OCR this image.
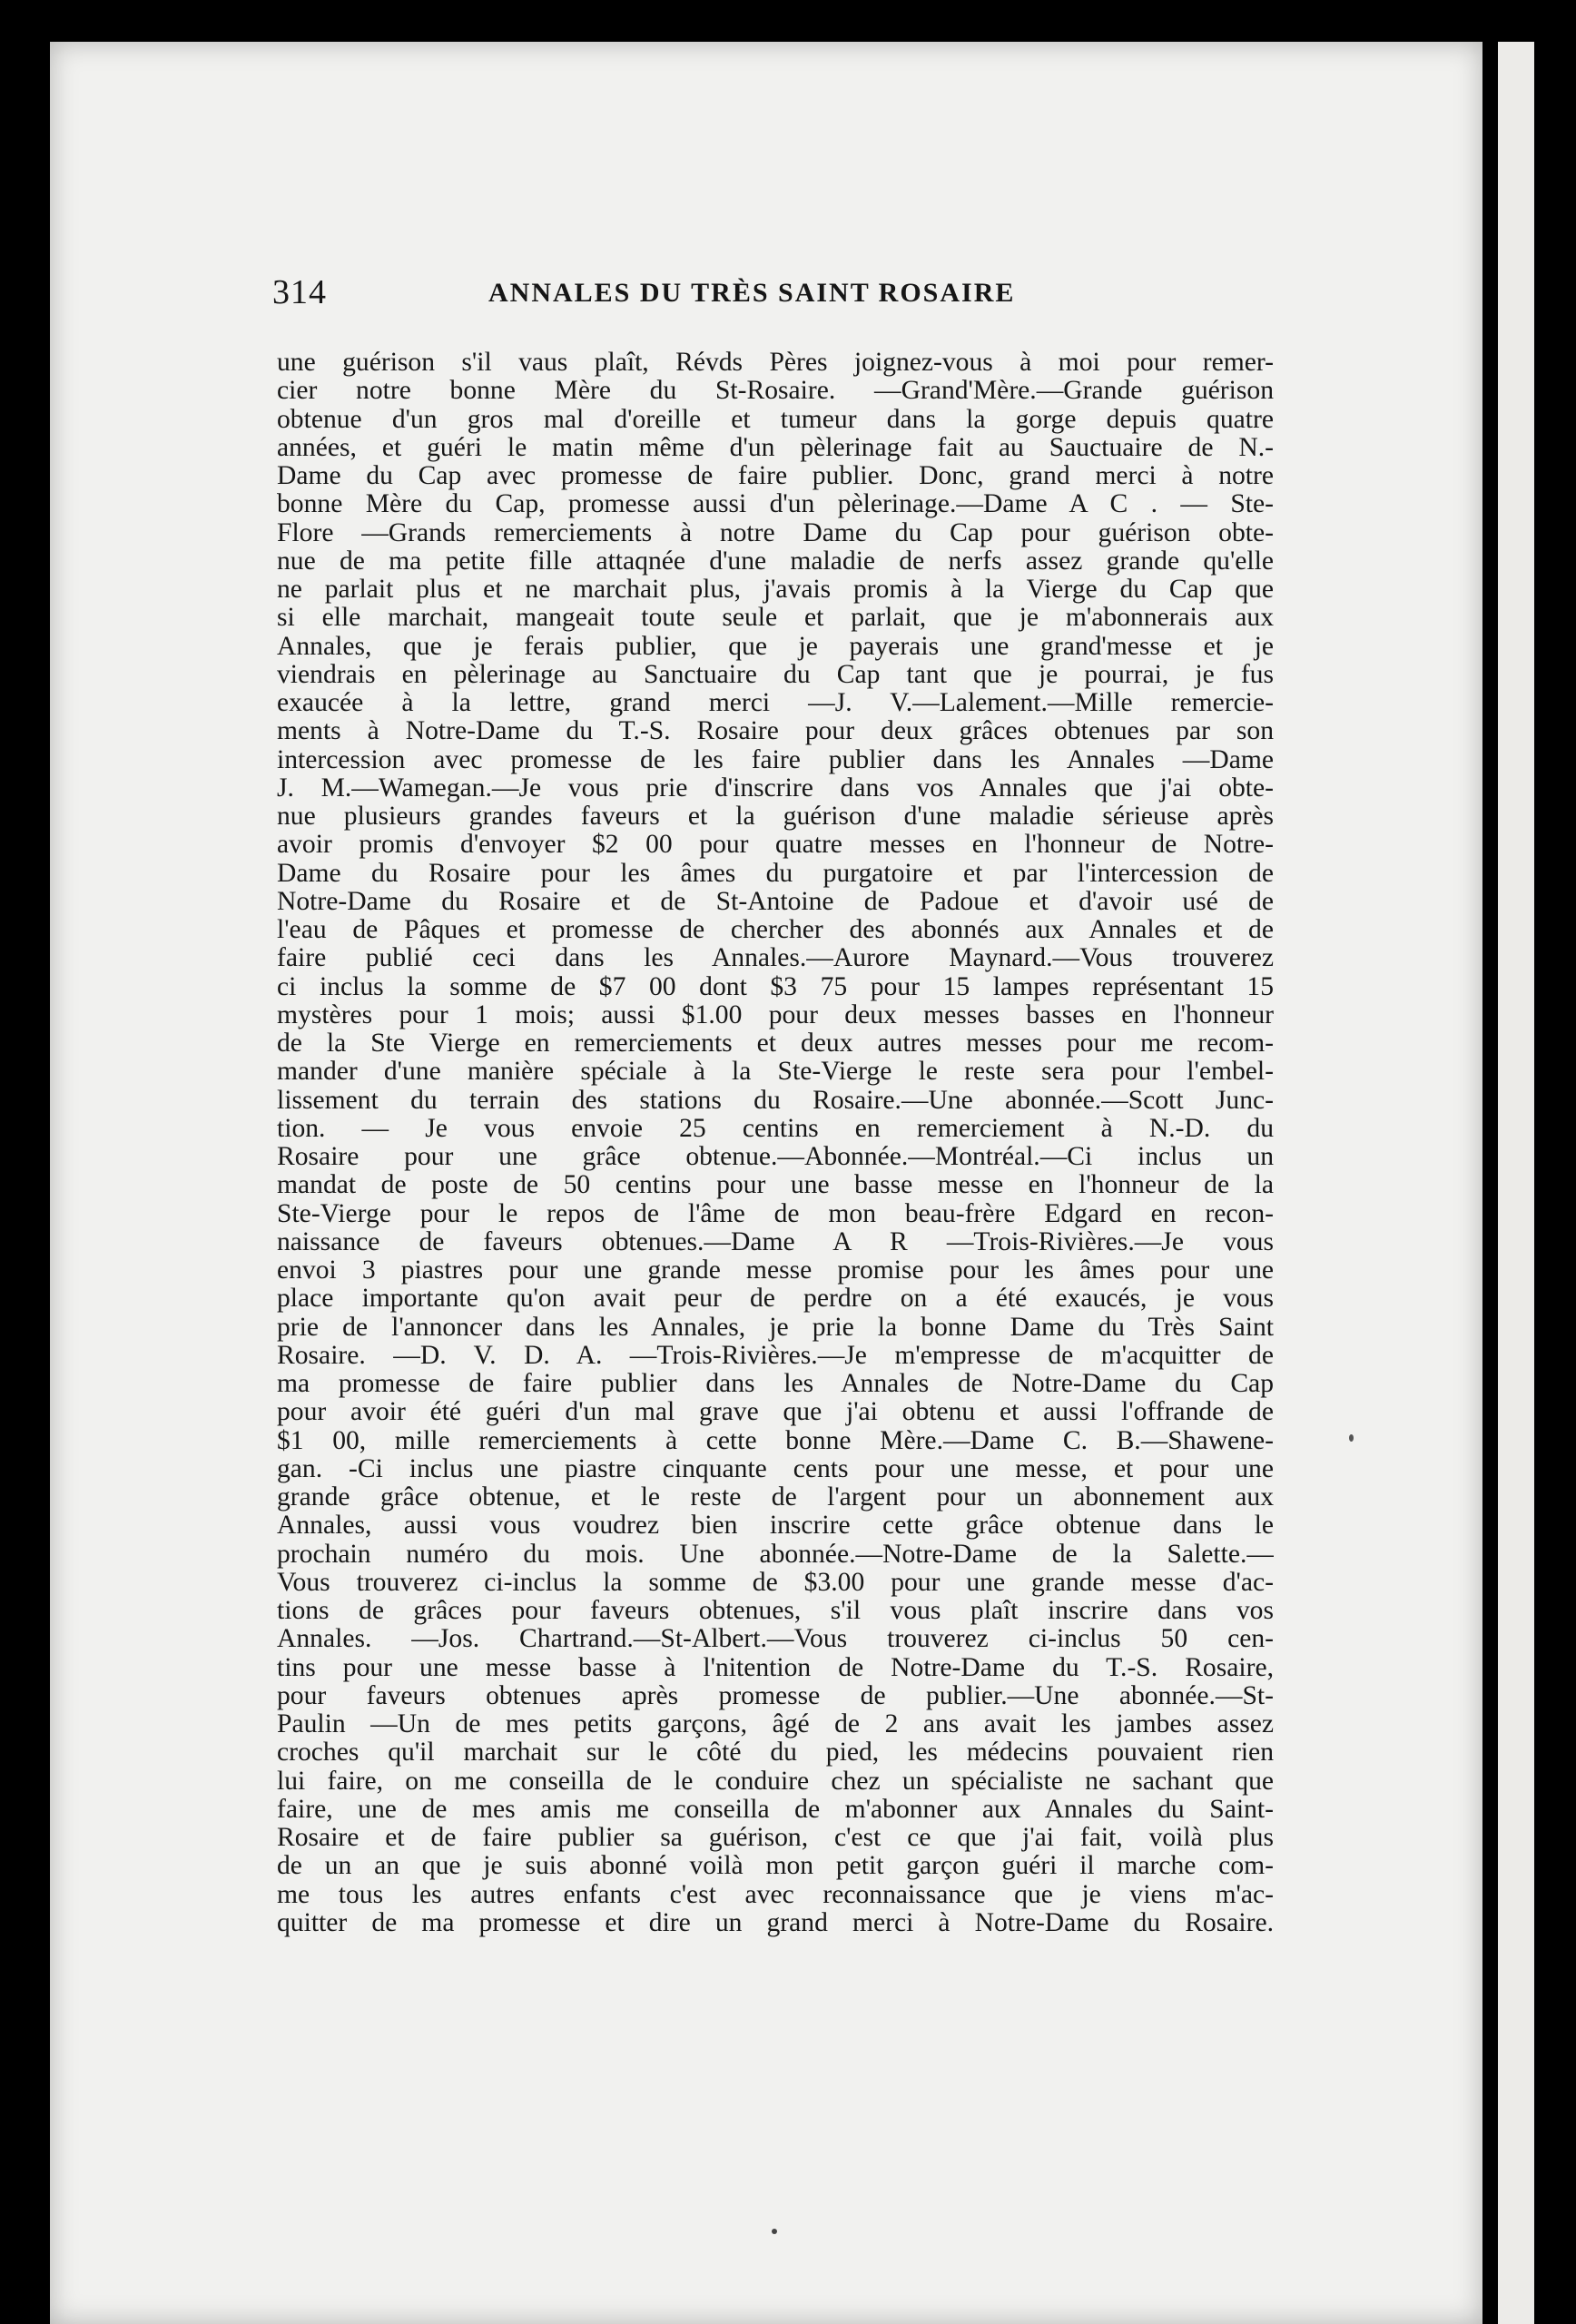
314	ANNALES DU TRÈS SAINT ROSAIRE
une guérison s'il vaus plaît, Révds Pères joignez-vous à moi pour remer-
cier notre bonne Mère du St-Rosaire. —Grand'Mère.—Grande guérison
obtenue d'un gros mal d'oreille et tumeur dans la gorge depuis quatre
années, et guéri le matin même d'un pèlerinage fait au Sauctuaire de N.-
Dame du Cap avec promesse de faire publier. Donc, grand merci à notre
bonne Mère du Cap, promesse aussi d'un pèlerinage.—Dame A C . — Ste-
Flore —Grands remerciements à notre Dame du Cap pour guérison obte-
nue de ma petite fille attaqnée d'une maladie de nerfs assez grande qu'elle
ne parlait plus et ne marchait plus, j'avais promis à la Vierge du Cap que
si elle marchait, mangeait toute seule et parlait, que je m'abonnerais aux
Annales, que je ferais publier, que je payerais une grand'messe et je
viendrais en pèlerinage au Sanctuaire du Cap tant que je pourrai, je fus
exaucée à la lettre, grand merci —J. V.—Lalement.—Mille remercie-
ments à Notre-Dame du T.-S. Rosaire pour deux grâces obtenues par son
intercession avec promesse de les faire publier dans les Annales —Dame
J. M.—Wamegan.—Je vous prie d'inscrire dans vos Annales que j'ai obte-
nue plusieurs grandes faveurs et la guérison d'une maladie sérieuse après
avoir promis d'envoyer $2 00 pour quatre messes en l'honneur de Notre-
Dame du Rosaire pour les âmes du purgatoire et par l'intercession de
Notre-Dame du Rosaire et de St-Antoine de Padoue et d'avoir usé de
l'eau de Pâques et promesse de chercher des abonnés aux Annales et de
faire publié ceci dans les Annales.—Aurore Maynard.—Vous trouverez
ci inclus la somme de $7 00 dont $3 75 pour 15 lampes représentant 15
mystères pour 1 mois; aussi $1.00 pour deux messes basses en l'honneur
de la Ste Vierge en remerciements et deux autres messes pour me recom-
mander d'une manière spéciale à la Ste-Vierge le reste sera pour l'embel-
lissement du terrain des stations du Rosaire.—Une abonnée.—Scott Junc-
tion. — Je vous envoie 25 centins en remerciement à N.-D. du
Rosaire pour une grâce obtenue.—Abonnée.—Montréal.—Ci inclus un
mandat de poste de 50 centins pour une basse messe en l'honneur de la
Ste-Vierge pour le repos de l'âme de mon beau-frère Edgard en recon-
naissance de faveurs obtenues.—Dame A R —Trois-Rivières.—Je vous
envoi 3 piastres pour une grande messe promise pour les âmes pour une
place importante qu'on avait peur de perdre on a été exaucés, je vous
prie de l'annoncer dans les Annales, je prie la bonne Dame du Très Saint
Rosaire. —D. V. D. A. —Trois-Rivières.—Je m'empresse de m'acquitter de
ma promesse de faire publier dans les Annales de Notre-Dame du Cap
pour avoir été guéri d'un mal grave que j'ai obtenu et aussi l'offrande de
$1 00, mille remerciements à cette bonne Mère.—Dame C. B.—Shawene-
gan. -Ci inclus une piastre cinquante cents pour une messe, et pour une
grande grâce obtenue, et le reste de l'argent pour un abonnement aux
Annales, aussi vous voudrez bien inscrire cette grâce obtenue dans le
prochain numéro du mois. Une abonnée.—Notre-Dame de la Salette.—
Vous trouverez ci-inclus la somme de $3.00 pour une grande messe d'ac-
tions de grâces pour faveurs obtenues, s'il vous plaît inscrire dans vos
Annales. —Jos. Chartrand.—St-Albert.—Vous trouverez ci-inclus 50 cen-
tins pour une messe basse à l'nitention de Notre-Dame du T.-S. Rosaire,
pour faveurs obtenues après promesse de publier.—Une abonnée.—St-
Paulin —Un de mes petits garçons, âgé de 2 ans avait les jambes assez
croches qu'il marchait sur le côté du pied, les médecins pouvaient rien
lui faire, on me conseilla de le conduire chez un spécialiste ne sachant que
faire, une de mes amis me conseilla de m'abonner aux Annales du Saint-
Rosaire et de faire publier sa guérison, c'est ce que j'ai fait, voilà plus
de un an que je suis abonné voilà mon petit garçon guéri il marche com-
me tous les autres enfants c'est avec reconnaissance que je viens m'ac-
quitter de ma promesse et dire un grand merci à Notre-Dame du Rosaire.
